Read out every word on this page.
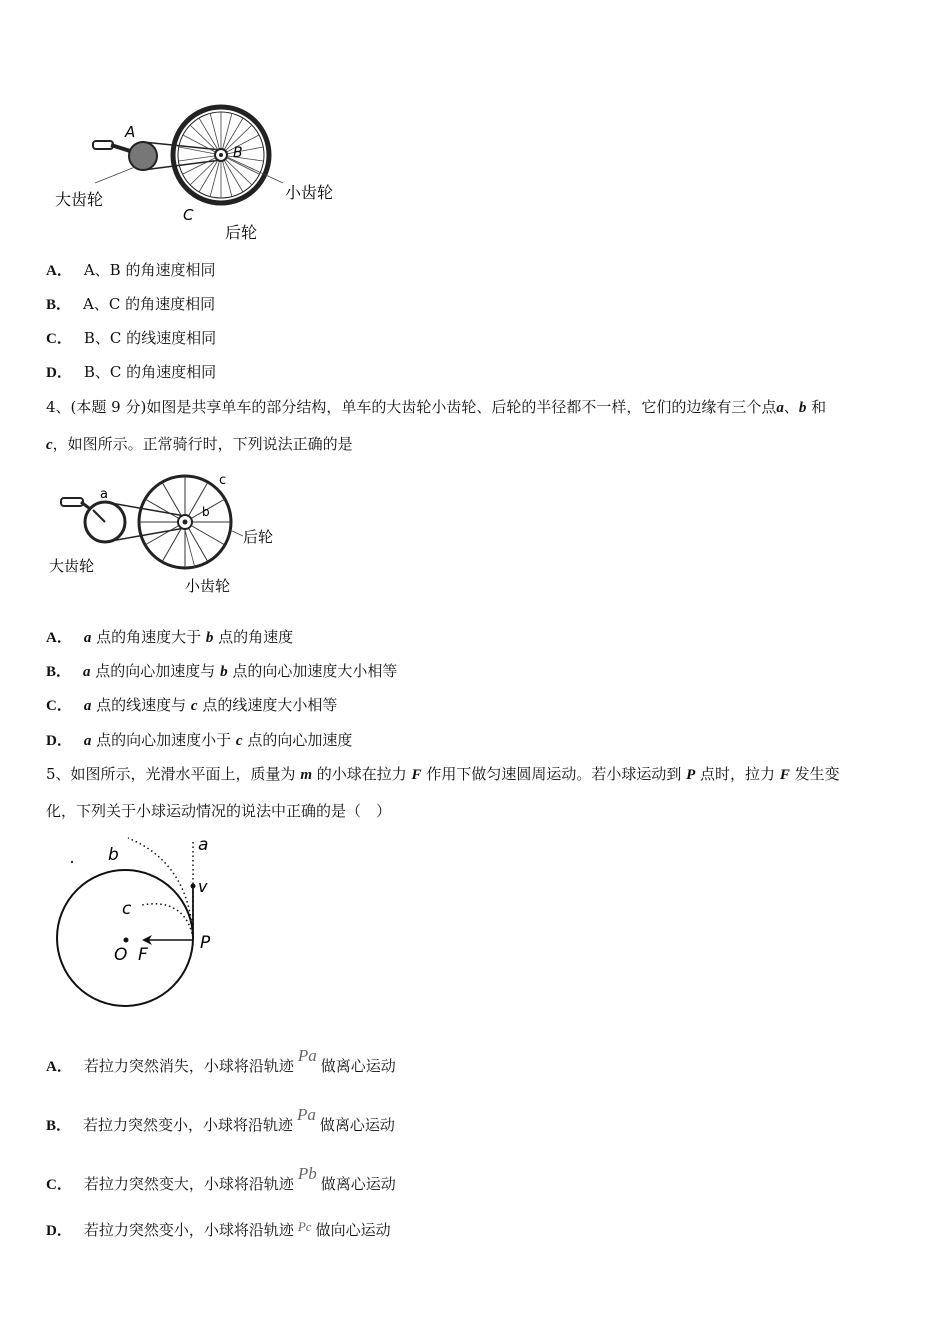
A
B
C
大齿轮	小齿轮
后轮
A． A、B 的角速度相同
B． A、C 的角速度相同
C． B、C 的线速度相同
D． B、C 的角速度相同
4、(本题 9 分)如图是共享单车的部分结构，单车的大齿轮小齿轮、后轮的半径都不一样，它们的边缘有三个点a、b 和
c，如图所示。正常骑行时，下列说法正确的是
a
b
c
大齿轮
小齿轮
后轮
A． a 点的角速度大于 b 点的角速度
B． a 点的向心加速度与 b 点的向心加速度大小相等
C． a 点的线速度与 c 点的线速度大小相等
D． a 点的向心加速度小于 c 点的向心加速度
5、如图所示，光滑水平面上，质量为 m 的小球在拉力 F 作用下做匀速圆周运动。若小球运动到 P 点时，拉力 F 发生变
化，下列关于小球运动情况的说法中正确的是（　）
a
b
c
v
P
O F
A． 若拉力突然消失，小球将沿轨迹Pa做离心运动
B． 若拉力突然变小，小球将沿轨迹Pa做离心运动
C． 若拉力突然变大，小球将沿轨迹Pb做离心运动
D． 若拉力突然变小，小球将沿轨迹 Pc 做向心运动
